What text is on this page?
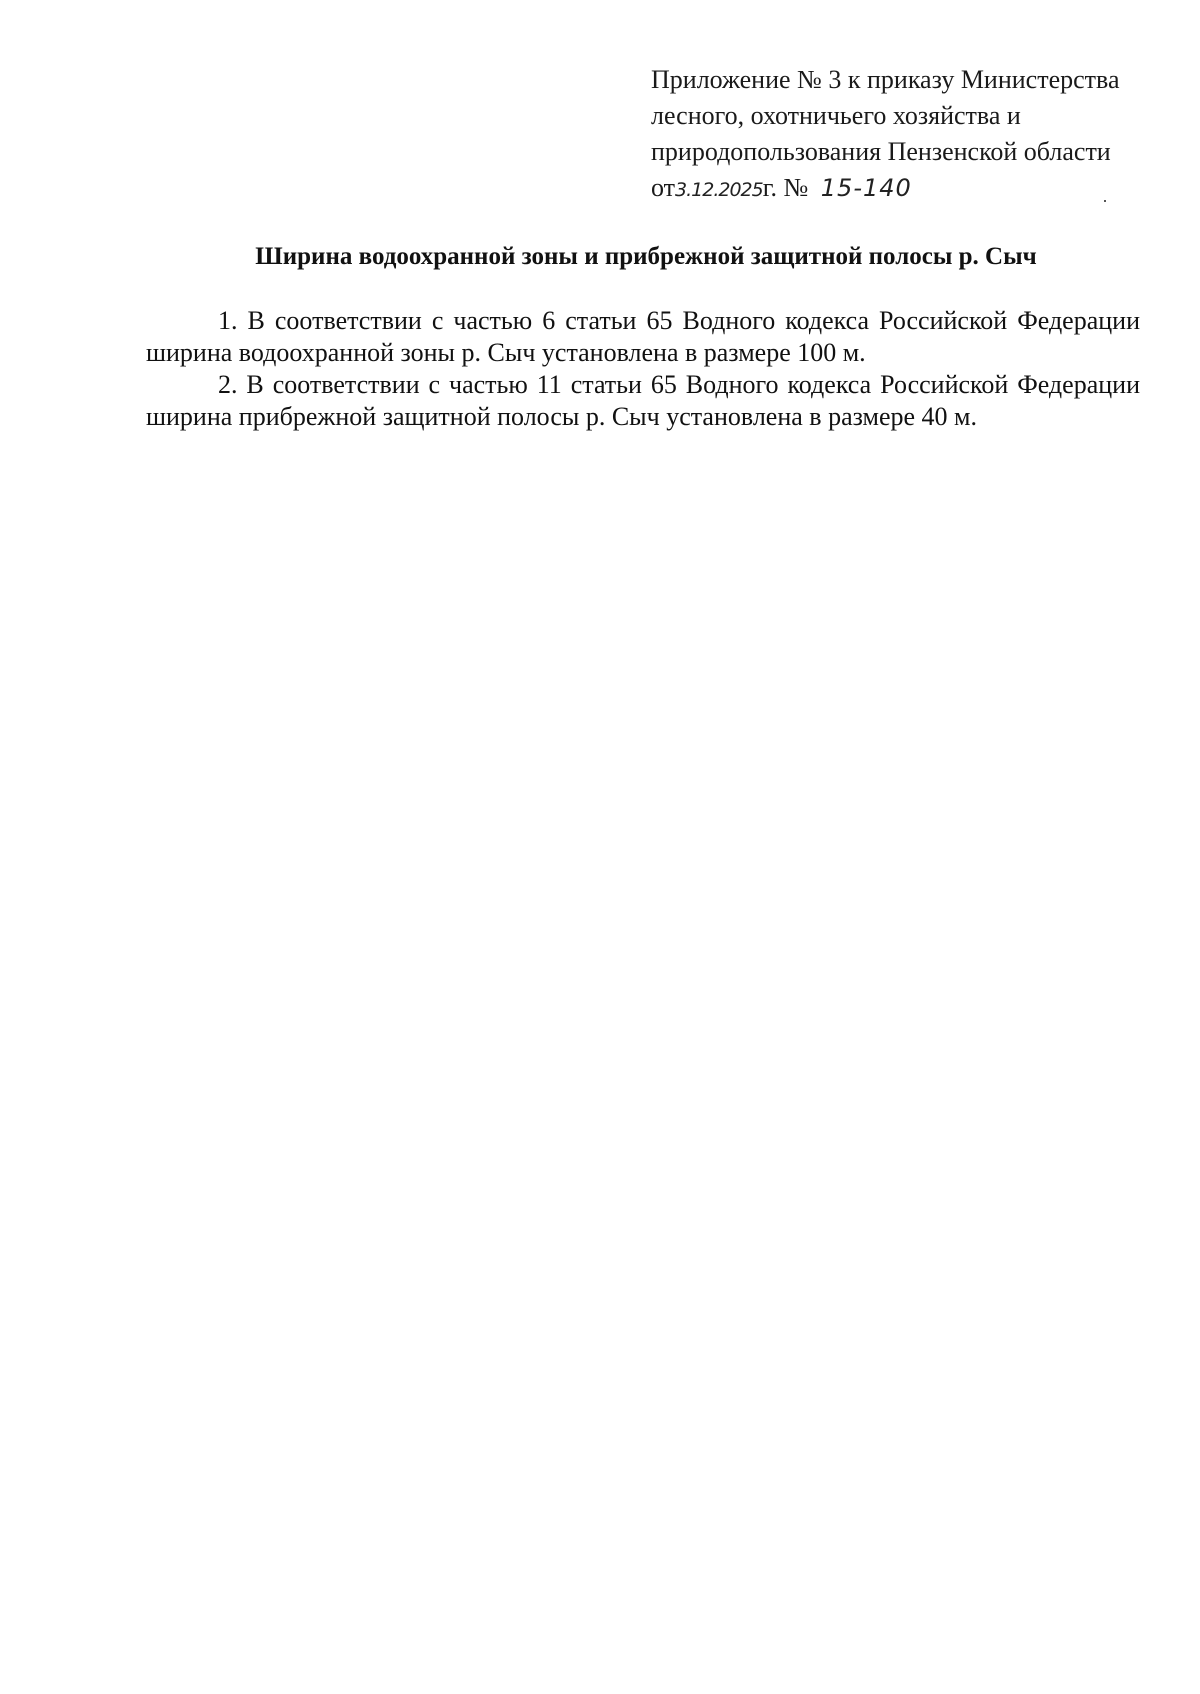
Приложение № 3 к приказу Министерства
лесного, охотничьего хозяйства и
природопользования Пензенской области
от3.12.2025г. № 15-140
Ширина водоохранной зоны и прибрежной защитной полосы р. Сыч

1. В соответствии с частью 6 статьи 65 Водного кодекса Российской Федерации ширина водоохранной зоны р. Сыч установлена в размере 100 м.

2. В соответствии с частью 11 статьи 65 Водного кодекса Российской Федерации ширина прибрежной защитной полосы р. Сыч установлена в размере 40 м.
